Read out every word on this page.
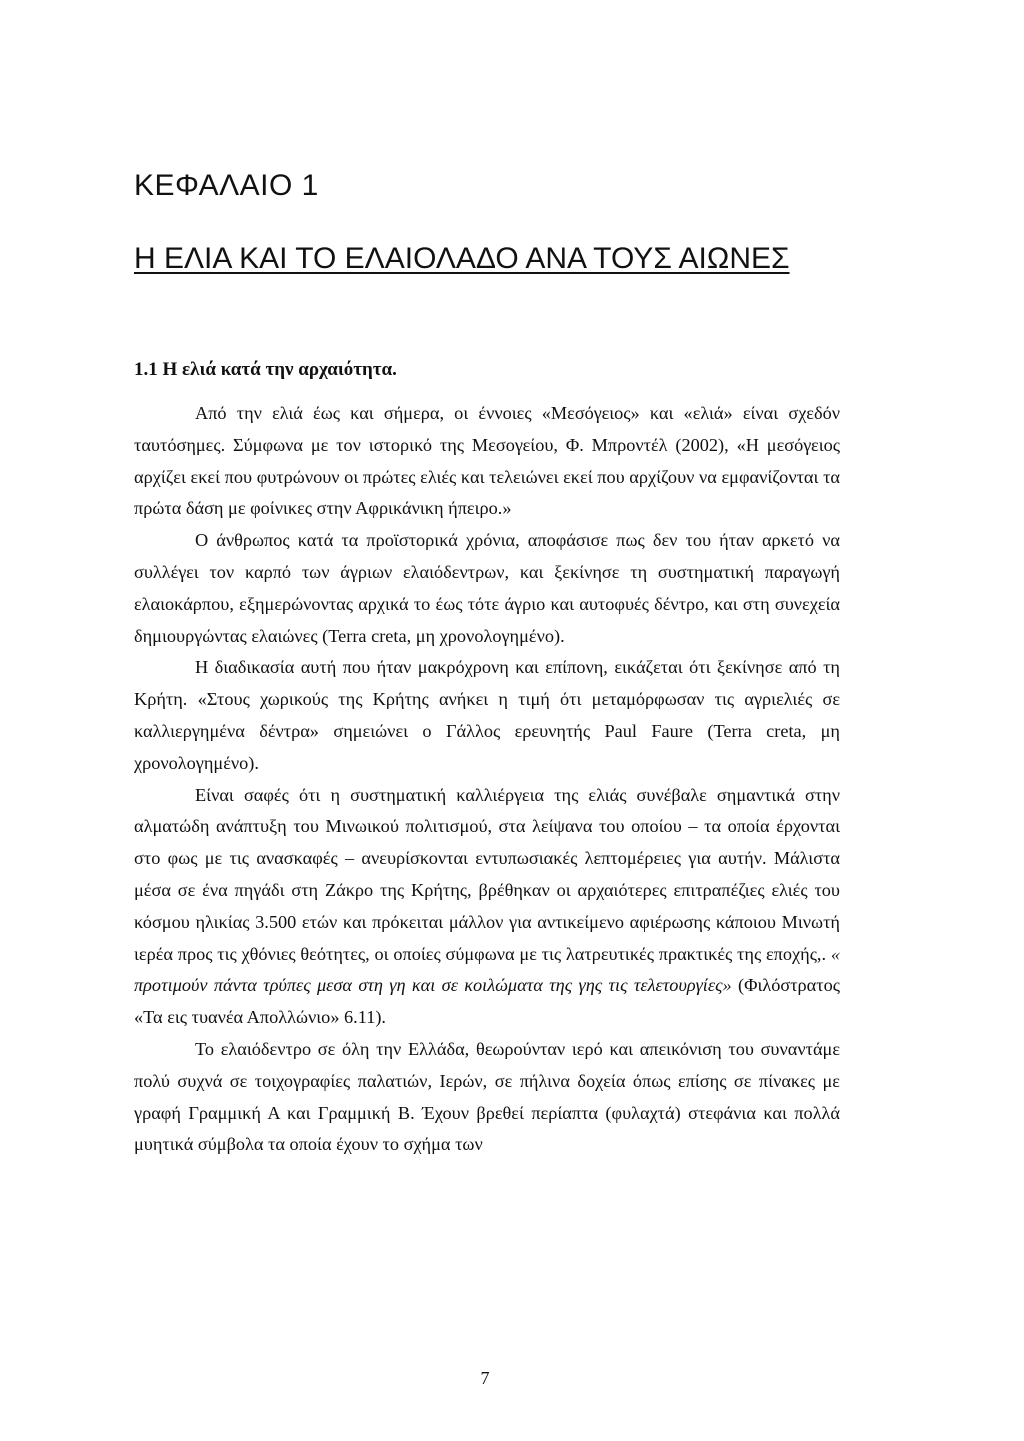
ΚΕΦΑΛΑΙΟ 1
Η ΕΛΙΑ ΚΑΙ ΤΟ ΕΛΑΙΟΛΑΔΟ ΑΝΑ ΤΟΥΣ ΑΙΩΝΕΣ
1.1 Η ελιά κατά την αρχαιότητα.

Από την ελιά έως και σήμερα, οι έννοιες «Μεσόγειος» και «ελιά» είναι σχεδόν ταυτόσημες. Σύμφωνα με τον ιστορικό της Μεσογείου, Φ. Μπροντέλ (2002), «Η μεσόγειος αρχίζει εκεί που φυτρώνουν οι πρώτες ελιές και τελειώνει εκεί που αρχίζουν να εμφανίζονται τα πρώτα δάση με φοίνικες στην Αφρικάνικη ήπειρο.»

Ο άνθρωπος κατά τα προϊστορικά χρόνια, αποφάσισε πως δεν του ήταν αρκετό να συλλέγει τον καρπό των άγριων ελαιόδεντρων, και ξεκίνησε τη συστηματική παραγωγή ελαιοκάρπου, εξημερώνοντας αρχικά το έως τότε άγριο και αυτοφυές δέντρο, και στη συνεχεία δημιουργώντας ελαιώνες (Terra creta, μη χρονολογημένο).

Η διαδικασία αυτή που ήταν μακρόχρονη και επίπονη, εικάζεται ότι ξεκίνησε από τη Κρήτη. «Στους χωρικούς της Κρήτης ανήκει η τιμή ότι μεταμόρφωσαν τις αγριελιές σε καλλιεργημένα δέντρα» σημειώνει ο Γάλλος ερευνητής Paul Faure (Terra creta, μη χρονολογημένο).

Είναι σαφές ότι η συστηματική καλλιέργεια της ελιάς συνέβαλε σημαντικά στην αλματώδη ανάπτυξη του Μινωικού πολιτισμού, στα λείψανα του οποίου – τα οποία έρχονται στο φως με τις ανασκαφές – ανευρίσκονται εντυπωσιακές λεπτομέρειες για αυτήν. Μάλιστα μέσα σε ένα πηγάδι στη Ζάκρο της Κρήτης, βρέθηκαν οι αρχαιότερες επιτραπέζιες ελιές του κόσμου ηλικίας 3.500 ετών και πρόκειται μάλλον για αντικείμενο αφιέρωσης κάποιου Μινωτή ιερέα προς τις χθόνιες θεότητες, οι οποίες σύμφωνα με τις λατρευτικές πρακτικές της εποχής,. « προτιμούν πάντα τρύπες μεσα στη γη και σε κοιλώματα της γης τις τελετουργίες» (Φιλόστρατος «Τα εις τυανέα Απολλώνιο» 6.11).

Το ελαιόδεντρο σε όλη την Ελλάδα, θεωρούνταν ιερό και απεικόνιση του συναντάμε πολύ συχνά σε τοιχογραφίες παλατιών, Ιερών, σε πήλινα δοχεία όπως επίσης σε πίνακες με γραφή Γραμμική Α και Γραμμική Β. Έχουν βρεθεί περίαπτα (φυλαχτά) στεφάνια και πολλά μυητικά σύμβολα τα οποία έχουν το σχήμα των

7
